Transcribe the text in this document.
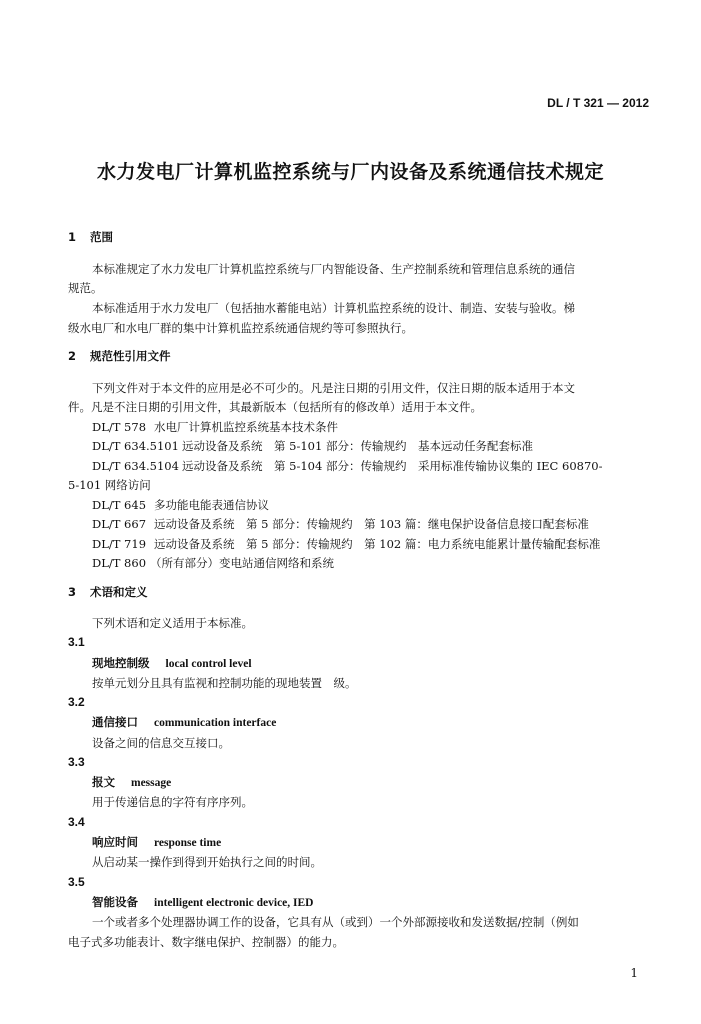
DL / T 321 — 2012
水力发电厂计算机监控系统与厂内设备及系统通信技术规定
1 范围
本标准规定了水力发电厂计算机监控系统与厂内智能设备、生产控制系统和管理信息系统的通信
规范。
本标准适用于水力发电厂（包括抽水蓄能电站）计算机监控系统的设计、制造、安装与验收。梯
级水电厂和水电厂群的集中计算机监控系统通信规约等可参照执行。
2 规范性引用文件
下列文件对于本文件的应用是必不可少的。凡是注日期的引用文件，仅注日期的版本适用于本文
件。凡是不注日期的引用文件，其最新版本（包括所有的修改单）适用于本文件。
DL/T 578 水电厂计算机监控系统基本技术条件
DL/T 634.5101 远动设备及系统　第 5-101 部分：传输规约　基本远动任务配套标准
DL/T 634.5104 远动设备及系统　第 5-104 部分：传输规约　采用标准传输协议集的 IEC 60870-
5-101 网络访问
DL/T 645 多功能电能表通信协议
DL/T 667 远动设备及系统　第 5 部分：传输规约　第 103 篇：继电保护设备信息接口配套标准
DL/T 719 远动设备及系统　第 5 部分：传输规约　第 102 篇：电力系统电能累计量传输配套标准
DL/T 860 （所有部分）变电站通信网络和系统
3 术语和定义
下列术语和定义适用于本标准。
3.1
现地控制级 local control level
按单元划分且具有监视和控制功能的现地装置　级。
3.2
通信接口 communication interface
设备之间的信息交互接口。
3.3
报文 message
用于传递信息的字符有序序列。
3.4
响应时间 response time
从启动某一操作到得到开始执行之间的时间。
3.5
智能设备 intelligent electronic device, IED
一个或者多个处理器协调工作的设备，它具有从（或到）一个外部源接收和发送数据/控制（例如
电子式多功能表计、数字继电保护、控制器）的能力。
1
